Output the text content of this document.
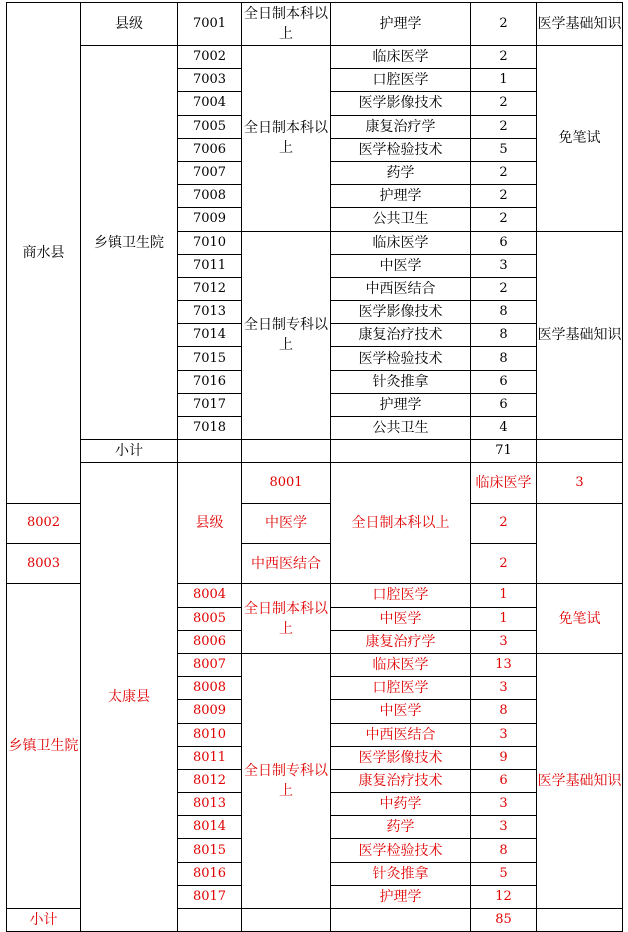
商水县	县级	7001	全日制本科以上	护理学	2	医学基础知识	
	乡镇卫生院	7002	全日制本科以上	临床医学	2	免笔试	
		7003		口腔医学	1		
		7004		医学影像技术	2		
		7005		康复治疗学	2		
		7006		医学检验技术	5		
		7007		药学	2		
		7008		护理学	2		
		7009		公共卫生	2		
		7010	全日制专科以上	临床医学	6	医学基础知识	
		7011		中医学	3		
		7012		中西医结合	2		
		7013		医学影像技术	8		
		7014		康复治疗技术	8		
		7015		医学检验技术	8		
		7016		针灸推拿	6		
		7017		护理学	6		
		7018		公共卫生	4		
	小计				71		
	太康县	县级	8001	全日制本科以上	临床医学	3	
8002			中医学		2		
8003			中西医结合		2		
乡镇卫生院		8004	全日制本科以上	口腔医学	1	免笔试	
		8005		中医学	1		
		8006		康复治疗学	3		
		8007	全日制专科以上	临床医学	13	医学基础知识	
		8008		口腔医学	3		
		8009		中医学	8		
		8010		中西医结合	3		
		8011		医学影像技术	9		
		8012		康复治疗技术	6		
		8013		中药学	3		
		8014		药学	3		
		8015		医学检验技术	8		
		8016		针灸推拿	5		
		8017		护理学	12		
小计					85		
